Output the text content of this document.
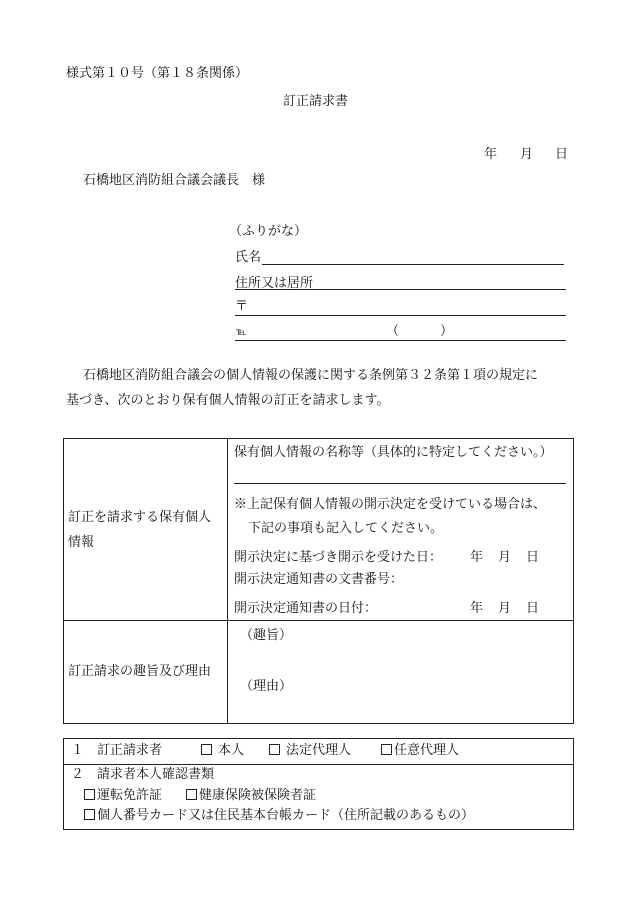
様式第１０号（第１８条関係）
訂正請求書
年 月 日
石橋地区消防組合議会議長　様
（ふりがな）
氏名
住所又は居所
〒
℡	（	）
石橋地区消防組合議会の個人情報の保護に関する条例第３２条第１項の規定に
基づき、次のとおり保有個人情報の訂正を請求します。
訂正を請求する保有個人
情報
保有個人情報の名称等（具体的に特定してください。）
※上記保有個人情報の開示決定を受けている場合は、
下記の事項も記入してください。
開示決定に基づき開示を受けた日： 年 月 日
開示決定通知書の文書番号：
開示決定通知書の日付：	年 月 日
訂正請求の趣旨及び理由
（趣旨）
（理由）
１ 訂正請求者	本人	法定代理人	任意代理人
２ 請求者本人確認書類
運転免許証	健康保険被保険者証
個人番号カード又は住民基本台帳カード（住所記載のあるもの）
